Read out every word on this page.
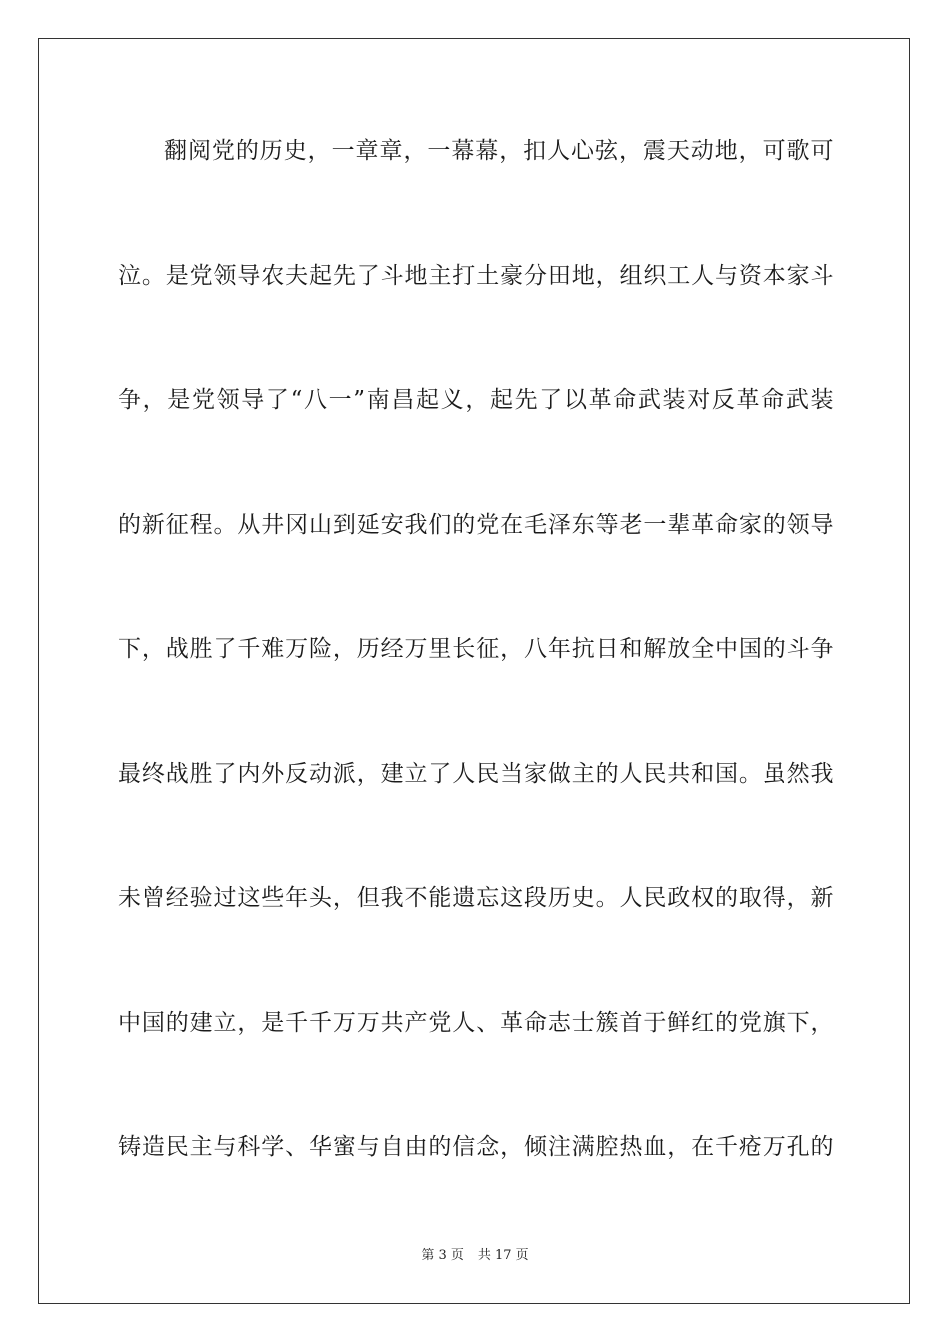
翻阅党的历史，一章章，一幕幕，扣人心弦，震天动地，可歌可
泣。是党领导农夫起先了斗地主打土豪分田地，组织工人与资本家斗
争，是党领导了“八一”南昌起义，起先了以革命武装对反革命武装
的新征程。从井冈山到延安我们的党在毛泽东等老一辈革命家的领导
下，战胜了千难万险，历经万里长征，八年抗日和解放全中国的斗争
最终战胜了内外反动派，建立了人民当家做主的人民共和国。虽然我
未曾经验过这些年头，但我不能遗忘这段历史。人民政权的取得，新
中国的建立，是千千万万共产党人、革命志士簇首于鲜红的党旗下，
铸造民主与科学、华蜜与自由的信念，倾注满腔热血，在千疮万孔的
第 3 页 共 17 页
